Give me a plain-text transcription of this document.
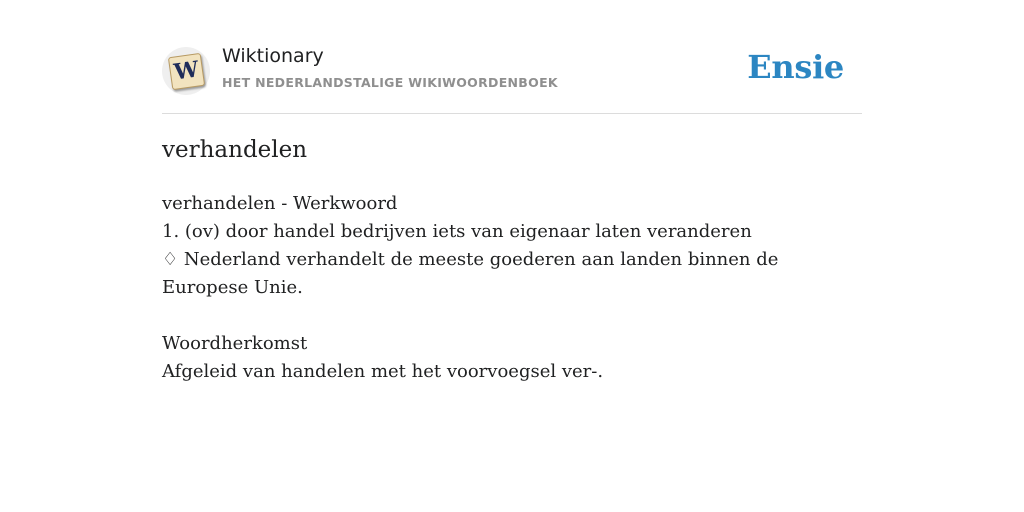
W
Wiktionary
HET NEDERLANDSTALIGE WIKIWOORDENBOEK	Ensie
verhandelen
verhandelen - Werkwoord
1. (ov) door handel bedrijven iets van eigenaar laten veranderen
♢ Nederland verhandelt de meeste goederen aan landen binnen de Europese Unie.
Woordherkomst
Afgeleid van handelen met het voorvoegsel ver-.
